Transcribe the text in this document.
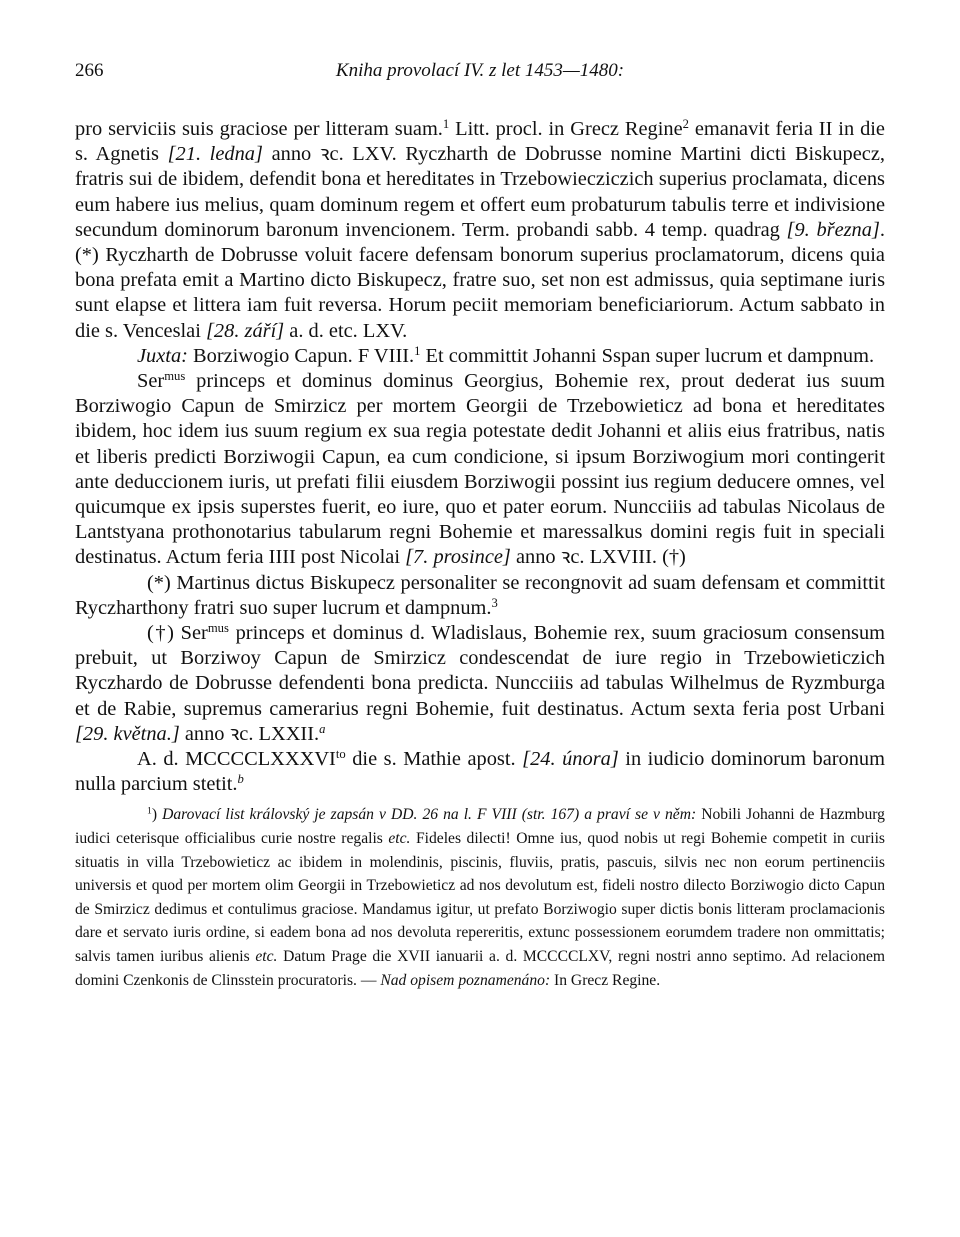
266	Kniha provolací IV. z let 1453—1480:

pro serviciis suis graciose per litteram suam.$^1$ Litt. procl. in Grecz Regine$^2$ emanavit feria II in die s. Agnetis [21. ledna] anno ꝛc. LXV. Ryczharth de Dobrusse nomine Martini dicti Biskupecz, fratris sui de ibidem, defendit bona et hereditates in Trzebowiecziczich superius proclamata, dicens eum habere ius melius, quam dominum regem et offert eum probaturum tabulis terre et indivisione secundum dominorum baronum invencionem. Term. probandi sabb. 4 temp. quadrag [9. března].(*) Ryczharth de Dobrusse voluit facere defensam bonorum superius proclamatorum, dicens quia bona prefata emit a Martino dicto Biskupecz, fratre suo, set non est admissus, quia septimane iuris sunt elapse et littera iam fuit reversa. Horum peciit memoriam beneficiariorum. Actum sabbato in die s. Venceslai [28. září] a. d. etc. LXV.

Juxta: Borziwogio Capun. F VIII.$^1$ Et committit Johanni Sspan super lucrum et dampnum.

Ser$^{mus}$ princeps et dominus dominus Georgius, Bohemie rex, prout dederat ius suum Borziwogio Capun de Smirzicz per mortem Georgii de Trzebowieticz ad bona et hereditates ibidem, hoc idem ius suum regium ex sua regia potestate dedit Johanni et aliis eius fratribus, natis et liberis predicti Borziwogii Capun, ea cum condicione, si ipsum Borziwogium mori contingerit ante deduccionem iuris, ut prefati filii eiusdem Borziwogii possint ius regium deducere omnes, vel quicumque ex ipsis superstes fuerit, eo iure, quo et pater eorum. Nuncciiis ad tabulas Nicolaus de Lantstyana prothonotarius tabularum regni Bohemie et maressalkus domini regis fuit in speciali destinatus. Actum feria IIII post Nicolai [7. prosince] anno ꝛc. LXVIII. (†)

(*) Martinus dictus Biskupecz personaliter se recongnovit ad suam defensam et committit Ryczharthony fratri suo super lucrum et dampnum.$^3$

(†) Ser$^{mus}$ princeps et dominus d. Wladislaus, Bohemie rex, suum graciosum consensum prebuit, ut Borziwoy Capun de Smirzicz condescendat de iure regio in Trzebowieticzich Ryczhardo de Dobrusse defendenti bona predicta. Nuncciiis ad tabulas Wilhelmus de Ryzmburga et de Rabie, supremus camerarius regni Bohemie, fuit destinatus. Actum sexta feria post Urbani [29. května.] anno ꝛc. LXXII.$^a$

A. d. $MCCCCLXXXVI^{to}$ die s. Mathie apost. [24. února] in iudicio dominorum baronum nulla parcium stetit.$^b$

$^1$) Darovací list královský je zapsán v DD. 26 na l. F VIII (str. 167) a praví se v něm: Nobili Johanni de Hazmburg iudici ceterisque officialibus curie nostre regalis etc. Fideles dilecti! Omne ius, quod nobis ut regi Bohemie competit in curiis situatis in villa Trzebowieticz ac ibidem in molendinis, piscinis, fluviis, pratis, pascuis, silvis nec non eorum pertinenciis universis et quod per mortem olim Georgii in Trzebowieticz ad nos devolutum est, fideli nostro dilecto Borziwogio dicto Capun de Smirzicz dedimus et contulimus graciose. Mandamus igitur, ut prefato Borziwogio super dictis bonis litteram proclamacionis dare et servato iuris ordine, si eadem bona ad nos devoluta repereritis, extunc possessionem eorumdem tradere non ommittatis; salvis tamen iuribus alienis etc. Datum Prage die XVII ianuarii a. d. MCCCCLXV, regni nostri anno septimo. Ad relacionem domini Czenkonis de Clinsstein procuratoris. — Nad opisem poznamenáno: In Grecz Regine.
